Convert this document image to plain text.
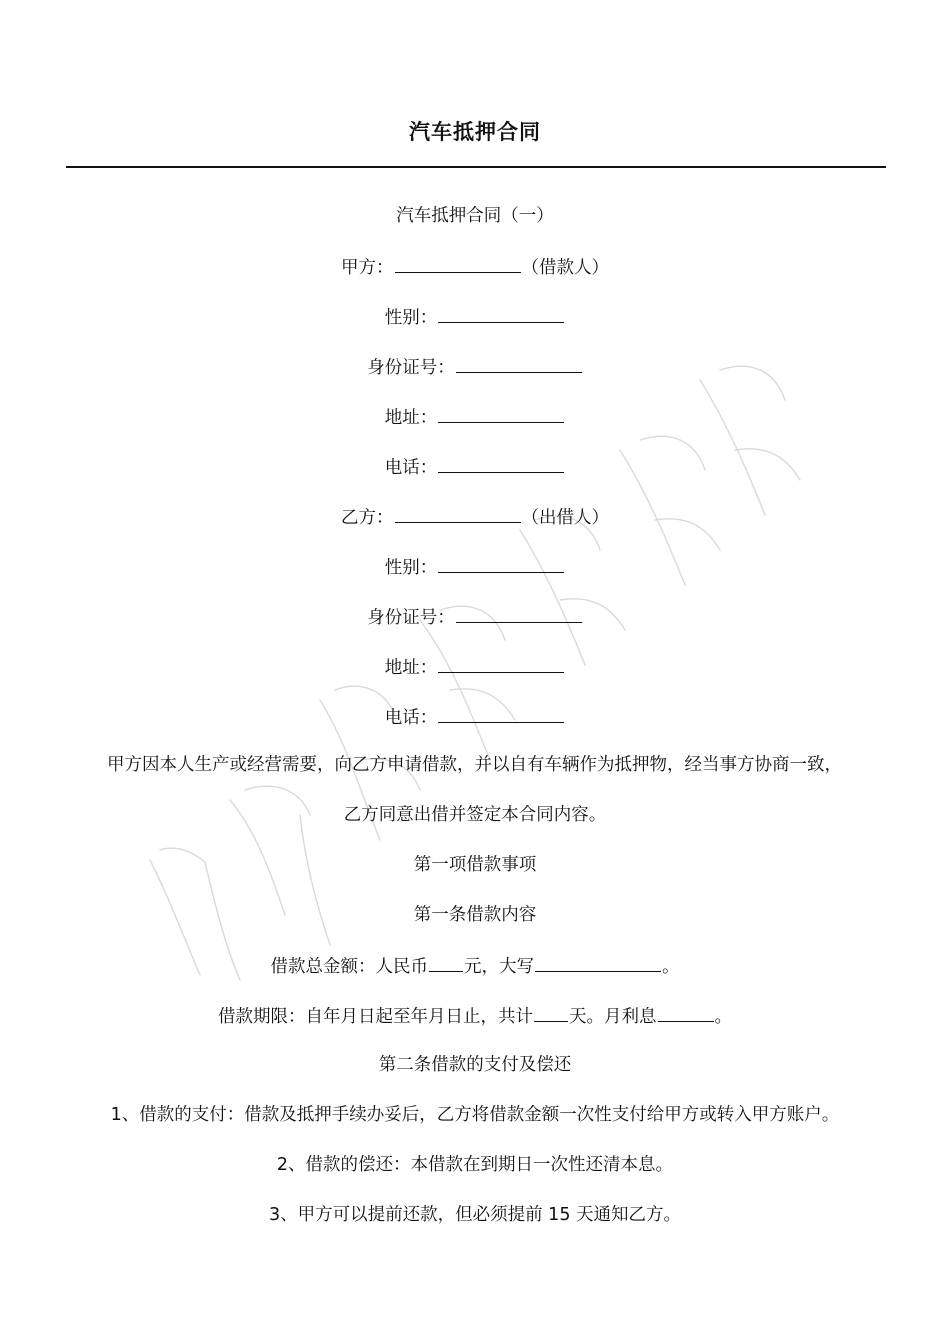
汽车抵押合同
汽车抵押合同（一）
甲方：	（借款人）
性别：
身份证号：
地址：
电话：
乙方：	（出借人）
性别：
身份证号：
地址：
电话：
甲方因本人生产或经营需要，向乙方申请借款，并以自有车辆作为抵押物，经当事方协商一致，
乙方同意出借并签定本合同内容。
第一项借款事项
第一条借款内容
借款总金额：人民币 元，大写	。
借款期限：自年月日起至年月日止，共计 天。月利息	。
第二条借款的支付及偿还
1、借款的支付：借款及抵押手续办妥后，乙方将借款金额一次性支付给甲方或转入甲方账户。
2、借款的偿还：本借款在到期日一次性还清本息。
3、甲方可以提前还款，但必须提前 15 天通知乙方。
